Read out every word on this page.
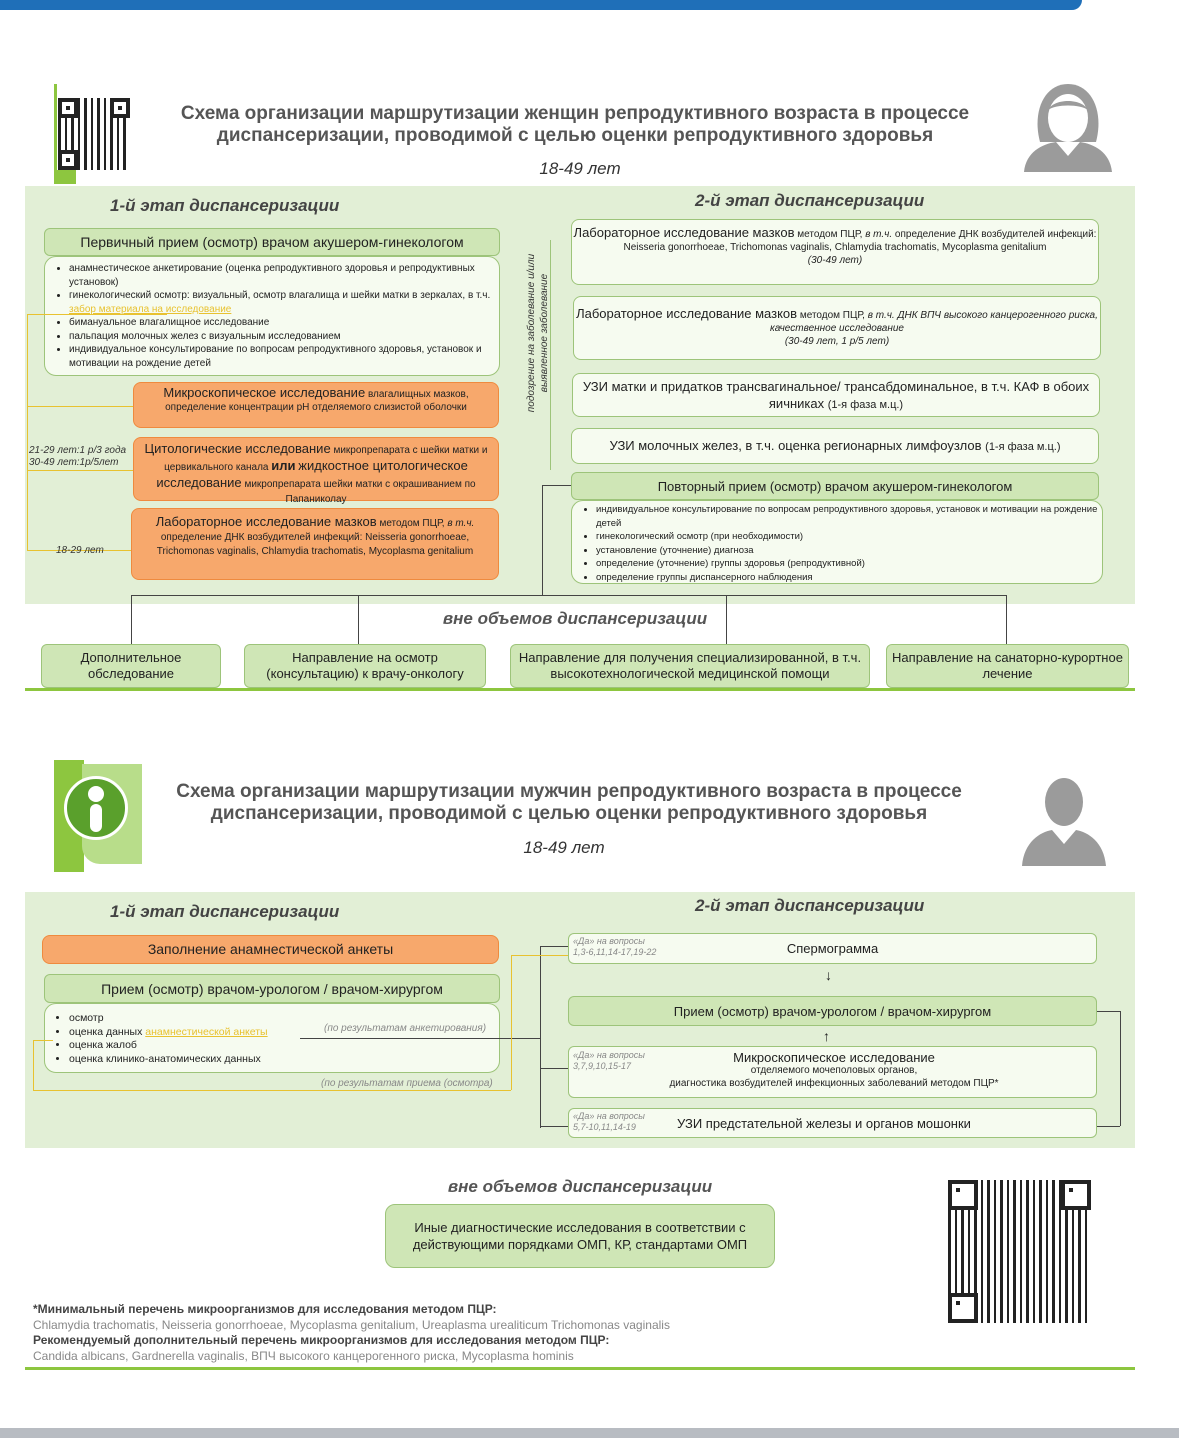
Схема организации маршрутизации женщин репродуктивного возраста в процессе
диспансеризации, проводимой с целью оценки репродуктивного здоровья
18-49 лет
1-й этап диспансеризации	2-й этап диспансеризации
Первичный прием (осмотр) врачом акушером-гинекологом
• анамнестическое анкетирование (оценка репродуктивного здоровья и репродуктивных установок)
• гинекологический осмотр: визуальный, осмотр влагалища и шейки матки в зеркалах, в т.ч. забор материала на исследование
• бимануальное влагалищное исследование
• пальпация молочных желез с визуальным исследованием
• индивидуальное консультирование по вопросам репродуктивного здоровья, установок и мотивации на рождение детей
Микроскопическое исследование влагалищных мазков, определение концентрации pH отделяемого слизистой оболочки
Цитологические исследование микропрепарата с шейки матки и цервикального канала или жидкостное цитологическое исследование микропрепарата шейки матки с окрашиванием по Папаниколау
Лабораторное исследование мазков методом ПЦР, в т.ч. определение ДНК возбудителей инфекций: Neisseria gonorrhoeae, Trichomonas vaginalis, Chlamydia trachomatis, Mycoplasma genitalium
21-29 лет:1 р/3 года
30-49 лет:1р/5лет
18-29 лет
подозрение на заболевание и/или выявленное заболевание
Лабораторное исследование мазков методом ПЦР, в т.ч. определение ДНК возбудителей инфекций: Neisseria gonorrhoeae, Trichomonas vaginalis, Chlamydia trachomatis, Mycoplasma genitalium
(30-49 лет)
Лабораторное исследование мазков методом ПЦР, в т.ч. ДНК ВПЧ высокого канцерогенного риска, качественное исследование
(30-49 лет, 1 р/5 лет)
УЗИ матки и придатков трансвагинальное/ трансабдоминальное, в т.ч. КАФ в обоих яичниках (1-я фаза м.ц.)
УЗИ молочных желез, в т.ч. оценка регионарных лимфоузлов (1-я фаза м.ц.)
Повторный прием (осмотр) врачом акушером-гинекологом
• индивидуальное консультирование по вопросам репродуктивного здоровья, установок и мотивации на рождение детей
• гинекологический осмотр (при необходимости)
• установление (уточнение) диагноза
• определение (уточнение) группы здоровья (репродуктивной)
• определение группы диспансерного наблюдения
вне объемов диспансеризации
Дополнительное обследование
Направление на осмотр (консультацию) к врачу-онкологу
Направление для получения специализированной, в т.ч. высокотехнологической медицинской помощи
Направление на санаторно-курортное лечение
Схема организации маршрутизации мужчин репродуктивного возраста в процессе
диспансеризации, проводимой с целью оценки репродуктивного здоровья
18-49 лет
1-й этап диспансеризации	2-й этап диспансеризации
Заполнение анамнестической анкеты
Прием (осмотр) врачом-урологом / врачом-хирургом
• осмотр
• оценка данных анамнестической анкеты
• оценка жалоб
• оценка клинико-анатомических данных
(по результатам анкетирования)
(по результатам приема (осмотра)
«Да» на вопросы
1,3-6,11,14-17,19-22	Спермограмма
↓
Прием (осмотр) врачом-урологом / врачом-хирургом
↑
«Да» на вопросы
3,7,9,10,15-17
Микроскопическое исследование
отделяемого мочеполовых органов,
диагностика возбудителей инфекционных заболеваний методом ПЦР*
«Да» на вопросы
5,7-10,11,14-19	УЗИ предстательной железы и органов мошонки
вне объемов диспансеризации
Иные диагностические исследования в соответствии с действующими порядками ОМП, КР, стандартами ОМП
*Минимальный перечень микроорганизмов для исследования методом ПЦР:
Chlamydia trachomatis, Neisseria gonorrhoeae, Mycoplasma genitalium, Ureaplasma urealiticum Trichomonas vaginalis
Рекомендуемый дополнительный перечень микроорганизмов для исследования методом ПЦР:
Candida albicans, Gardnerella vaginalis, ВПЧ высокого канцерогенного риска, Mycoplasma hominis
